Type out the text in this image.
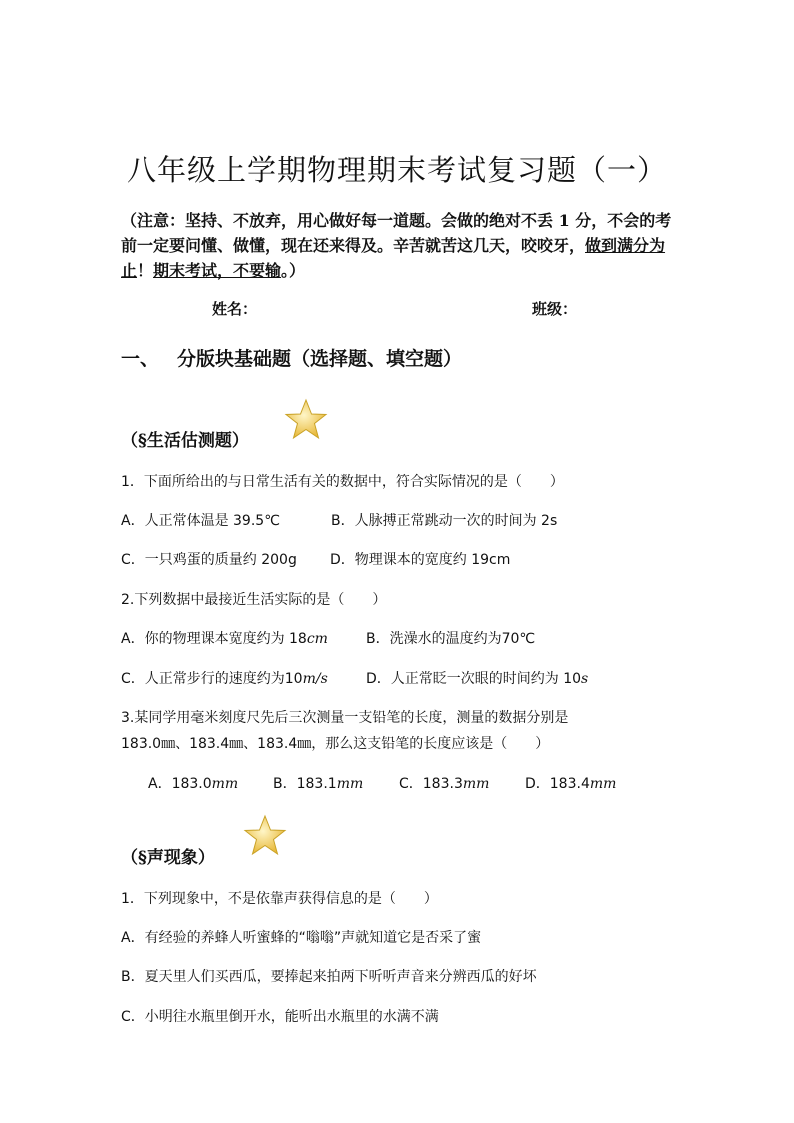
八年级上学期物理期末考试复习题（一）
（注意：坚持、不放弃，用心做好每一道题。会做的绝对不丢 1 分，不会的考前一定要问懂、做懂，现在还来得及。辛苦就苦这几天，咬咬牙，做到满分为止！期末考试，不要输。）
姓名：	班级：
一、 分版块基础题（选择题、填空题）
（§生活估测题）
1．下面所给出的与日常生活有关的数据中，符合实际情况的是（　　）
A．人正常体温是 39.5℃	B．人脉搏正常跳动一次的时间为 2s
C．一只鸡蛋的质量约 200g D．物理课本的宽度约 19cm
2.下列数据中最接近生活实际的是（　　）
A．你的物理课本宽度约为 18cm	B．洗澡水的温度约为70℃
C．人正常步行的速度约为10m/s	D．人正常眨一次眼的时间约为 10s
3.某同学用毫米刻度尺先后三次测量一支铅笔的长度，测量的数据分别是
183.0㎜、183.4㎜、183.4㎜，那么这支铅笔的长度应该是（　　）
A．183.0mm B．183.1mm	C．183.3mm	D．183.4mm
（§声现象）
1．下列现象中，不是依靠声获得信息的是（　　）
A．有经验的养蜂人听蜜蜂的“嗡嗡”声就知道它是否采了蜜
B．夏天里人们买西瓜，要捧起来拍两下听听声音来分辨西瓜的好坏
C．小明往水瓶里倒开水，能听出水瓶里的水满不满
